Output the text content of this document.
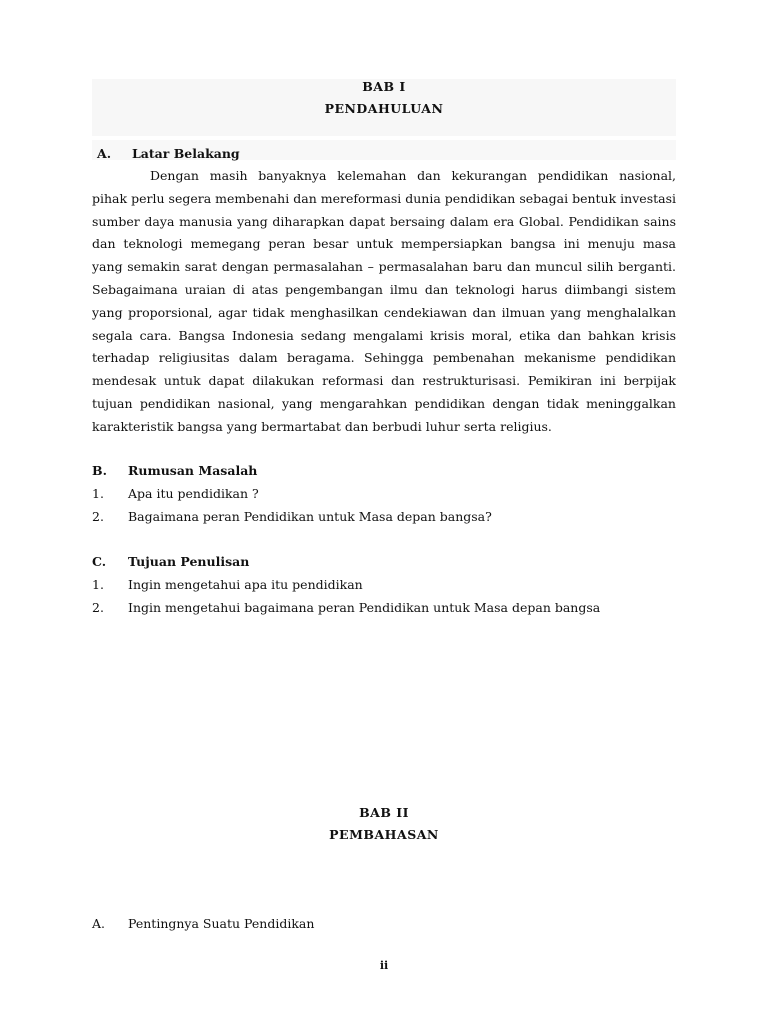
BAB I
PENDAHULUAN
A. Latar Belakang
Dengan masih banyaknya kelemahan dan kekurangan pendidikan nasional,
pihak perlu segera membenahi dan mereformasi dunia pendidikan sebagai bentuk investasi
sumber daya manusia yang diharapkan dapat bersaing dalam era Global. Pendidikan sains
dan teknologi memegang peran besar untuk mempersiapkan bangsa ini menuju masa
yang semakin sarat dengan permasalahan – permasalahan baru dan muncul silih berganti.
Sebagaimana uraian di atas pengembangan ilmu dan teknologi harus diimbangi sistem
yang proporsional, agar tidak menghasilkan cendekiawan dan ilmuan yang menghalalkan
segala cara. Bangsa Indonesia sedang mengalami krisis moral, etika dan bahkan krisis
terhadap religiusitas dalam beragama. Sehingga pembenahan mekanisme pendidikan
mendesak untuk dapat dilakukan reformasi dan restrukturisasi. Pemikiran ini berpijak
tujuan pendidikan nasional, yang mengarahkan pendidikan dengan tidak meninggalkan
karakteristik bangsa yang bermartabat dan berbudi luhur serta religius.
B. Rumusan Masalah
1. Apa itu pendidikan ?
2. Bagaimana peran Pendidikan untuk Masa depan bangsa?
C. Tujuan Penulisan
1. Ingin mengetahui apa itu pendidikan
2. Ingin mengetahui bagaimana peran Pendidikan untuk Masa depan bangsa
BAB II
PEMBAHASAN
A. Pentingnya Suatu Pendidikan
ii
